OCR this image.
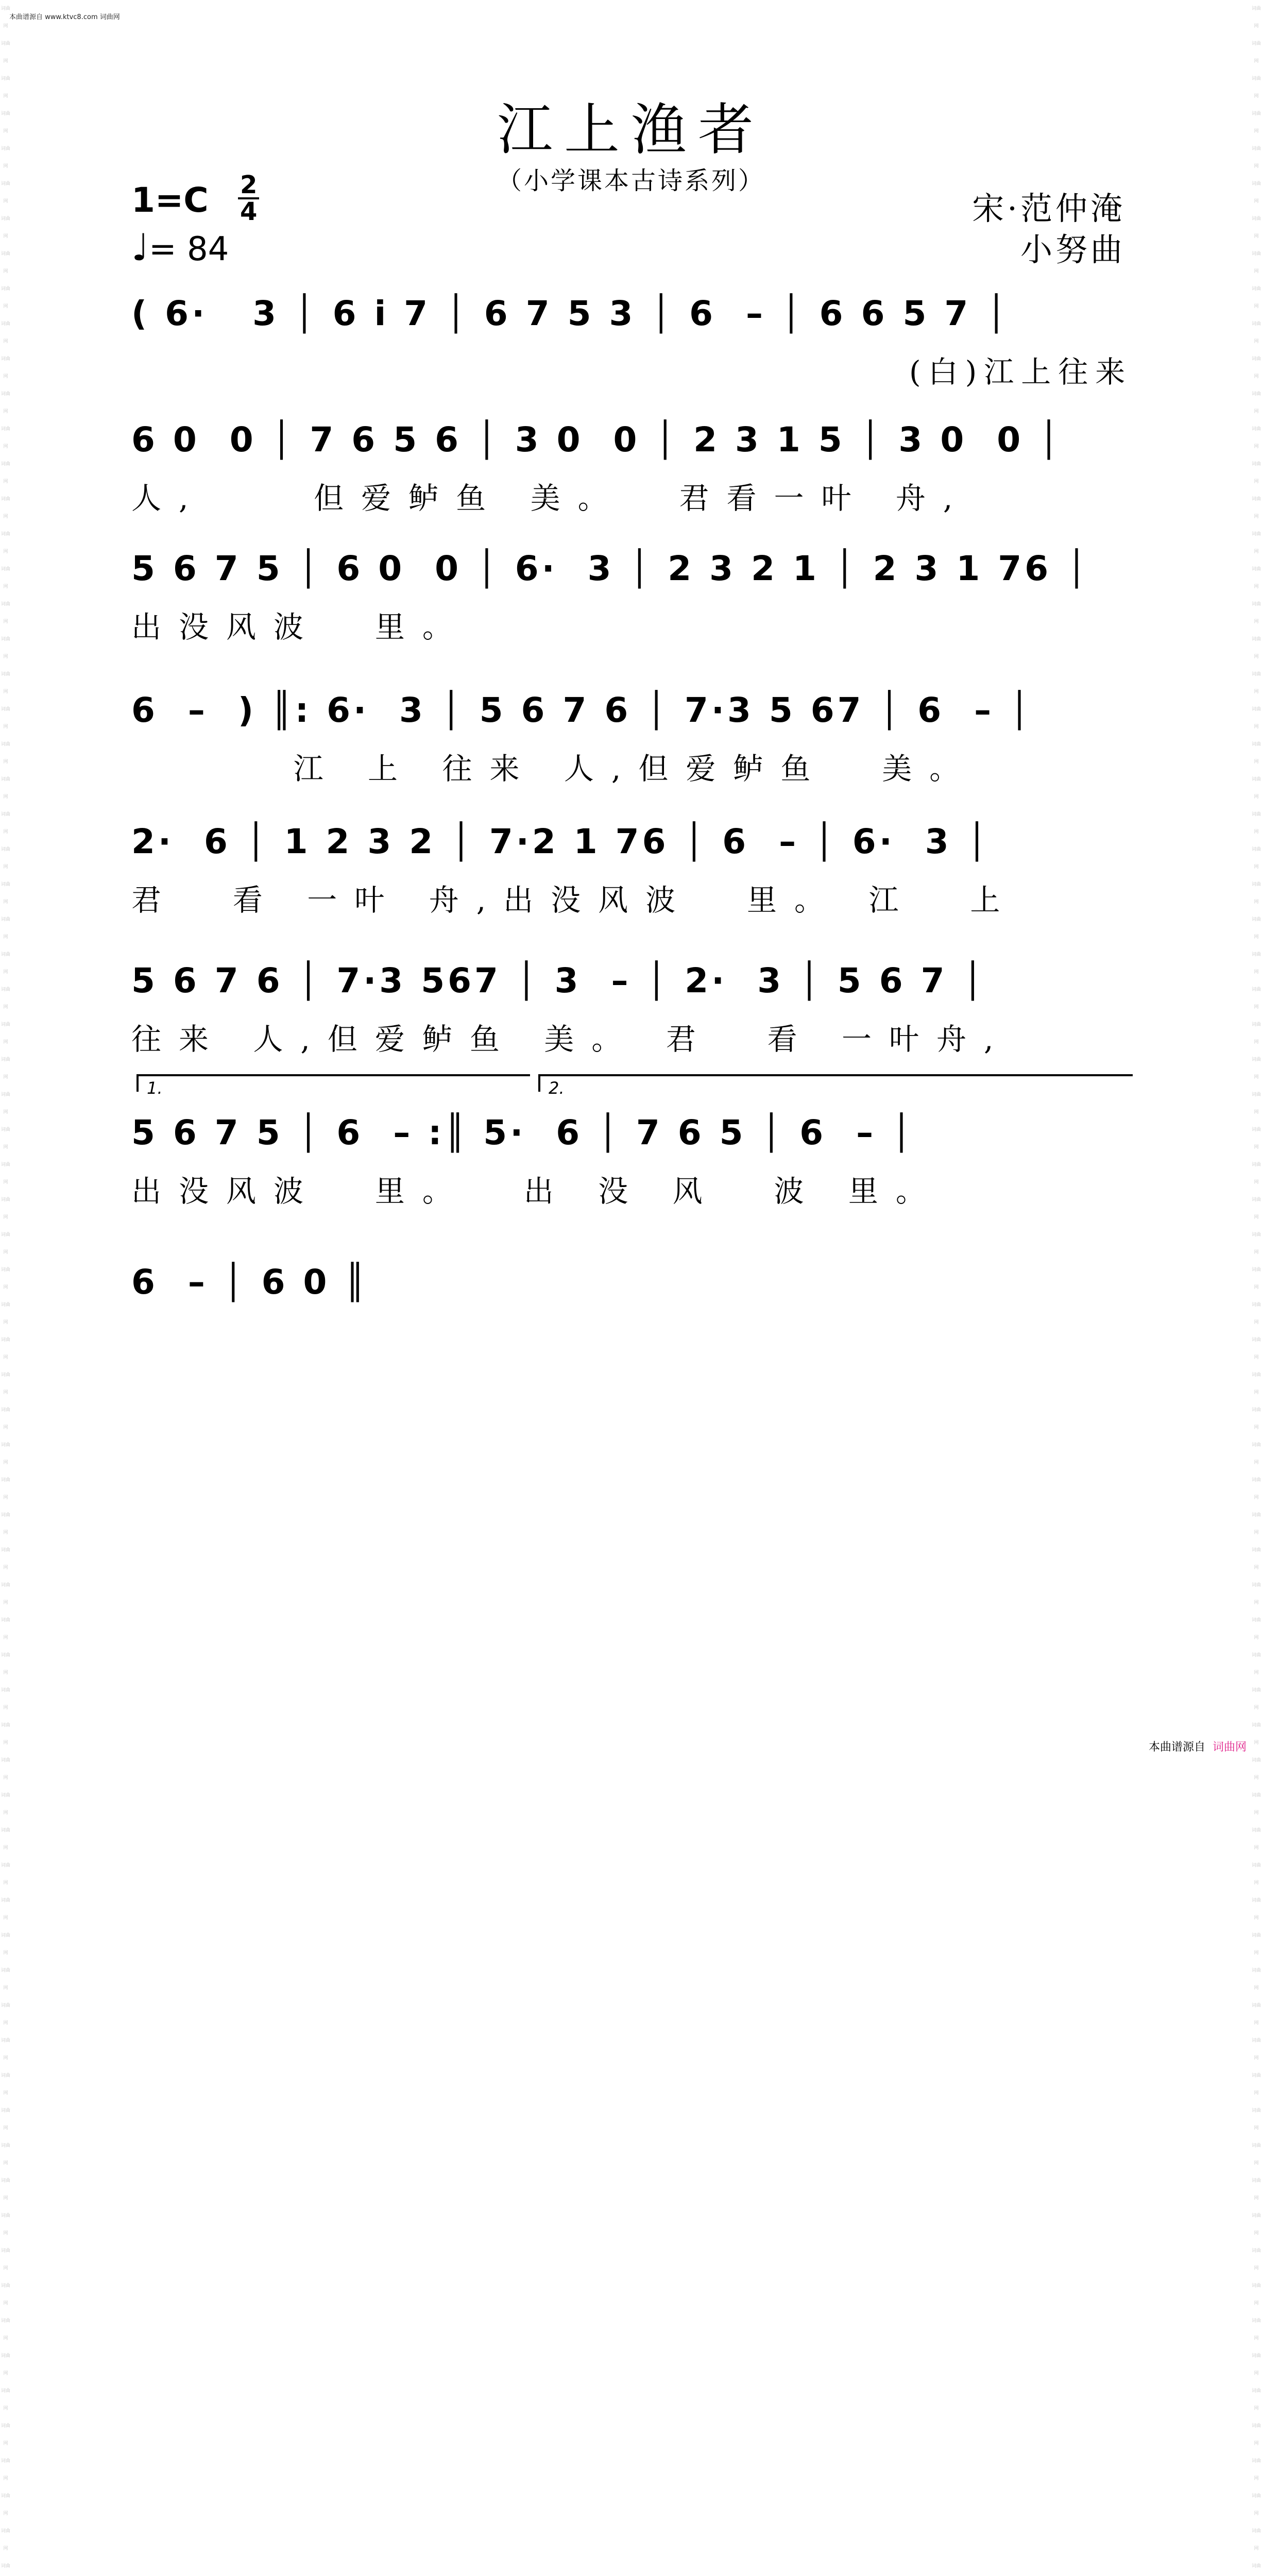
词曲网
词曲网
词曲网
词曲网
词曲网
词曲网
词曲网
词曲网
词曲网
词曲网
词曲网
词曲网
词曲网
词曲网
词曲网
词曲网
词曲网
词曲网
词曲网
词曲网
词曲网
词曲网
词曲网
词曲网
词曲网
词曲网
词曲网
词曲网
词曲网
词曲网
词曲网
词曲网
词曲网
词曲网
词曲网
词曲网
词曲网
词曲网
词曲网
词曲网
词曲网
词曲网
词曲网
词曲网
词曲网
词曲网
词曲网
词曲网
词曲网
词曲网
词曲网
词曲网
词曲网
词曲网
词曲网
词曲网
词曲网
词曲网
词曲网
词曲网
词曲网
词曲网
词曲网
词曲网
词曲网
词曲网
词曲网
词曲网
词曲网
词曲网
词曲网
词曲网
词曲网
词曲
词曲网
词曲网
词曲网
词曲网
词曲网
词曲网
词曲网
词曲网
词曲网
词曲网
词曲网
词曲网
词曲网
词曲网
词曲网
词曲网
词曲网
词曲网
词曲网
词曲网
词曲网
词曲网
词曲网
词曲网
词曲网
词曲网
词曲网
词曲网
词曲网
词曲网
词曲网
词曲网
词曲网
词曲网
词曲网
词曲网
词曲网
词曲网
词曲网
词曲网
词曲网
词曲网
词曲网
词曲网
词曲网
词曲网
词曲网
词曲网
词曲网
词曲网
词曲网
词曲网
词曲网
词曲网
词曲网
词曲网
词曲网
词曲网
词曲网
词曲网
词曲网
词曲网
词曲网
词曲网
词曲网
词曲网
词曲网
词曲网
词曲网
词曲网
词曲网
词曲网
词曲网
词曲
本曲谱源自 www.ktvc8.com 词曲网
江上渔者
（小学课本古诗系列）
$1=C \frac{2}{4}$
♩= 84
宋·范仲淹
小努曲
( 6·   3 │ 6 i 7 │ 6 7 5 3 │ 6  – │ 6 6 5 7 │
(白)江上往来
6 0  0 │ 7 6 5 6 │ 3 0  0 │ 2 3 1 5 │ 3 0  0 │
人,    但爱鲈鱼 美。  君看一叶 舟,
5 6 7 5 │ 6 0  0 │ 6·  3 │ 2 3 2 1 │ 2 3 1 76 │
出没风波  里。
6  –  ) ║: 6·  3 │ 5 6 7 6 │ 7·3 5 67 │ 6  – │
江 上 往来 人,但爱鲈鱼  美。
2·  6 │ 1 2 3 2 │ 7·2 1 76 │ 6  – │ 6·  3 │
君  看 一叶 舟,出没风波  里。 江  上
5 6 7 6 │ 7·3 567 │ 3  – │ 2·  3 │ 5 6 7 │
往来 人,但爱鲈鱼 美。 君  看 一叶舟,
1.	2.
5 6 7 5 │ 6  – :║ 5·  6 │ 7 6 5 │ 6  – │
出没风波  里。  出 没 风  波 里。
6  – │ 6 0 ║
本曲谱源自 词曲网
